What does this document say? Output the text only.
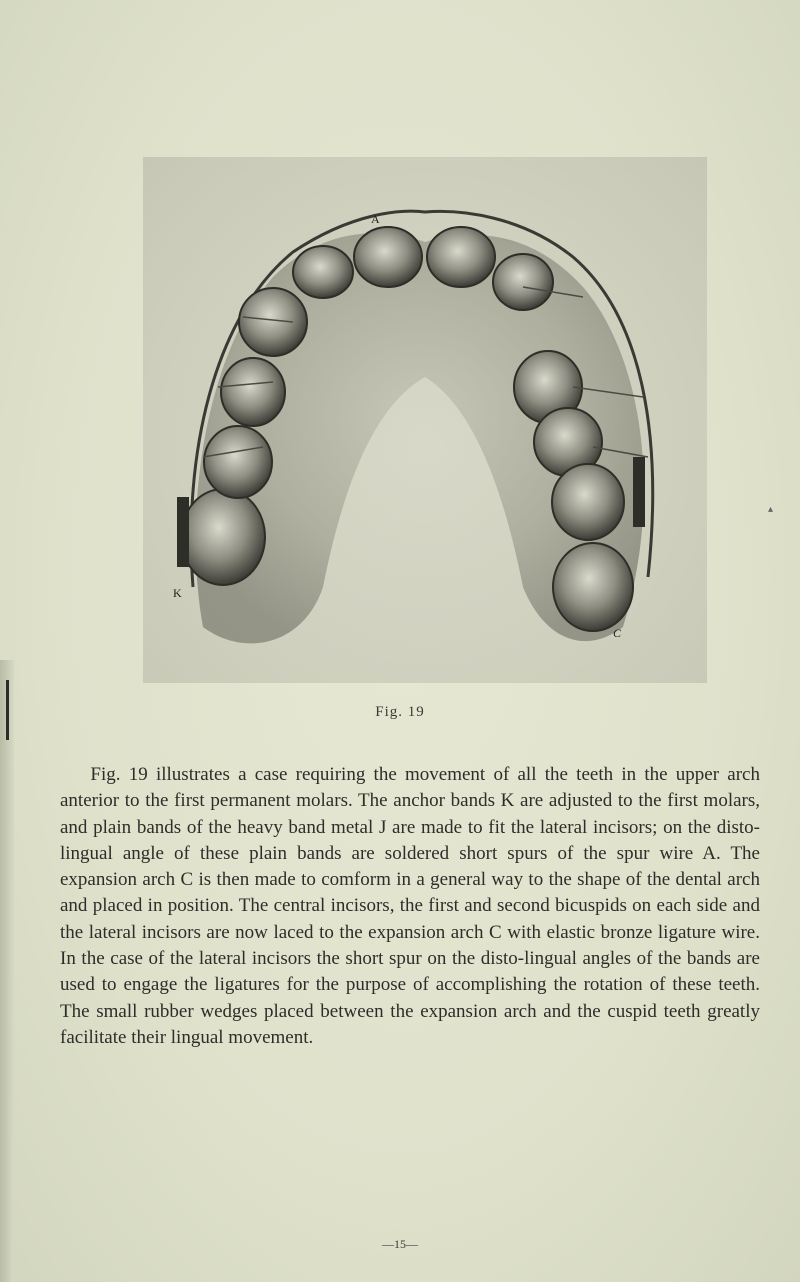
A
K
C
Fig. 19

Fig. 19 illustrates a case requiring the movement of all the teeth in the upper arch anterior to the first permanent molars. The anchor bands K are adjusted to the first molars, and plain bands of the heavy band metal J are made to fit the lateral incisors; on the disto-lingual angle of these plain bands are soldered short spurs of the spur wire A. The expansion arch C is then made to comform in a general way to the shape of the dental arch and placed in position. The central incisors, the first and second bicuspids on each side and the lateral incisors are now laced to the expansion arch C with elastic bronze ligature wire. In the case of the lateral incisors the short spur on the disto-lingual angles of the bands are used to engage the ligatures for the purpose of accomplishing the rotation of these teeth. The small rubber wedges placed between the expansion arch and the cuspid teeth greatly facilitate their lingual movement.

—15—
▴
